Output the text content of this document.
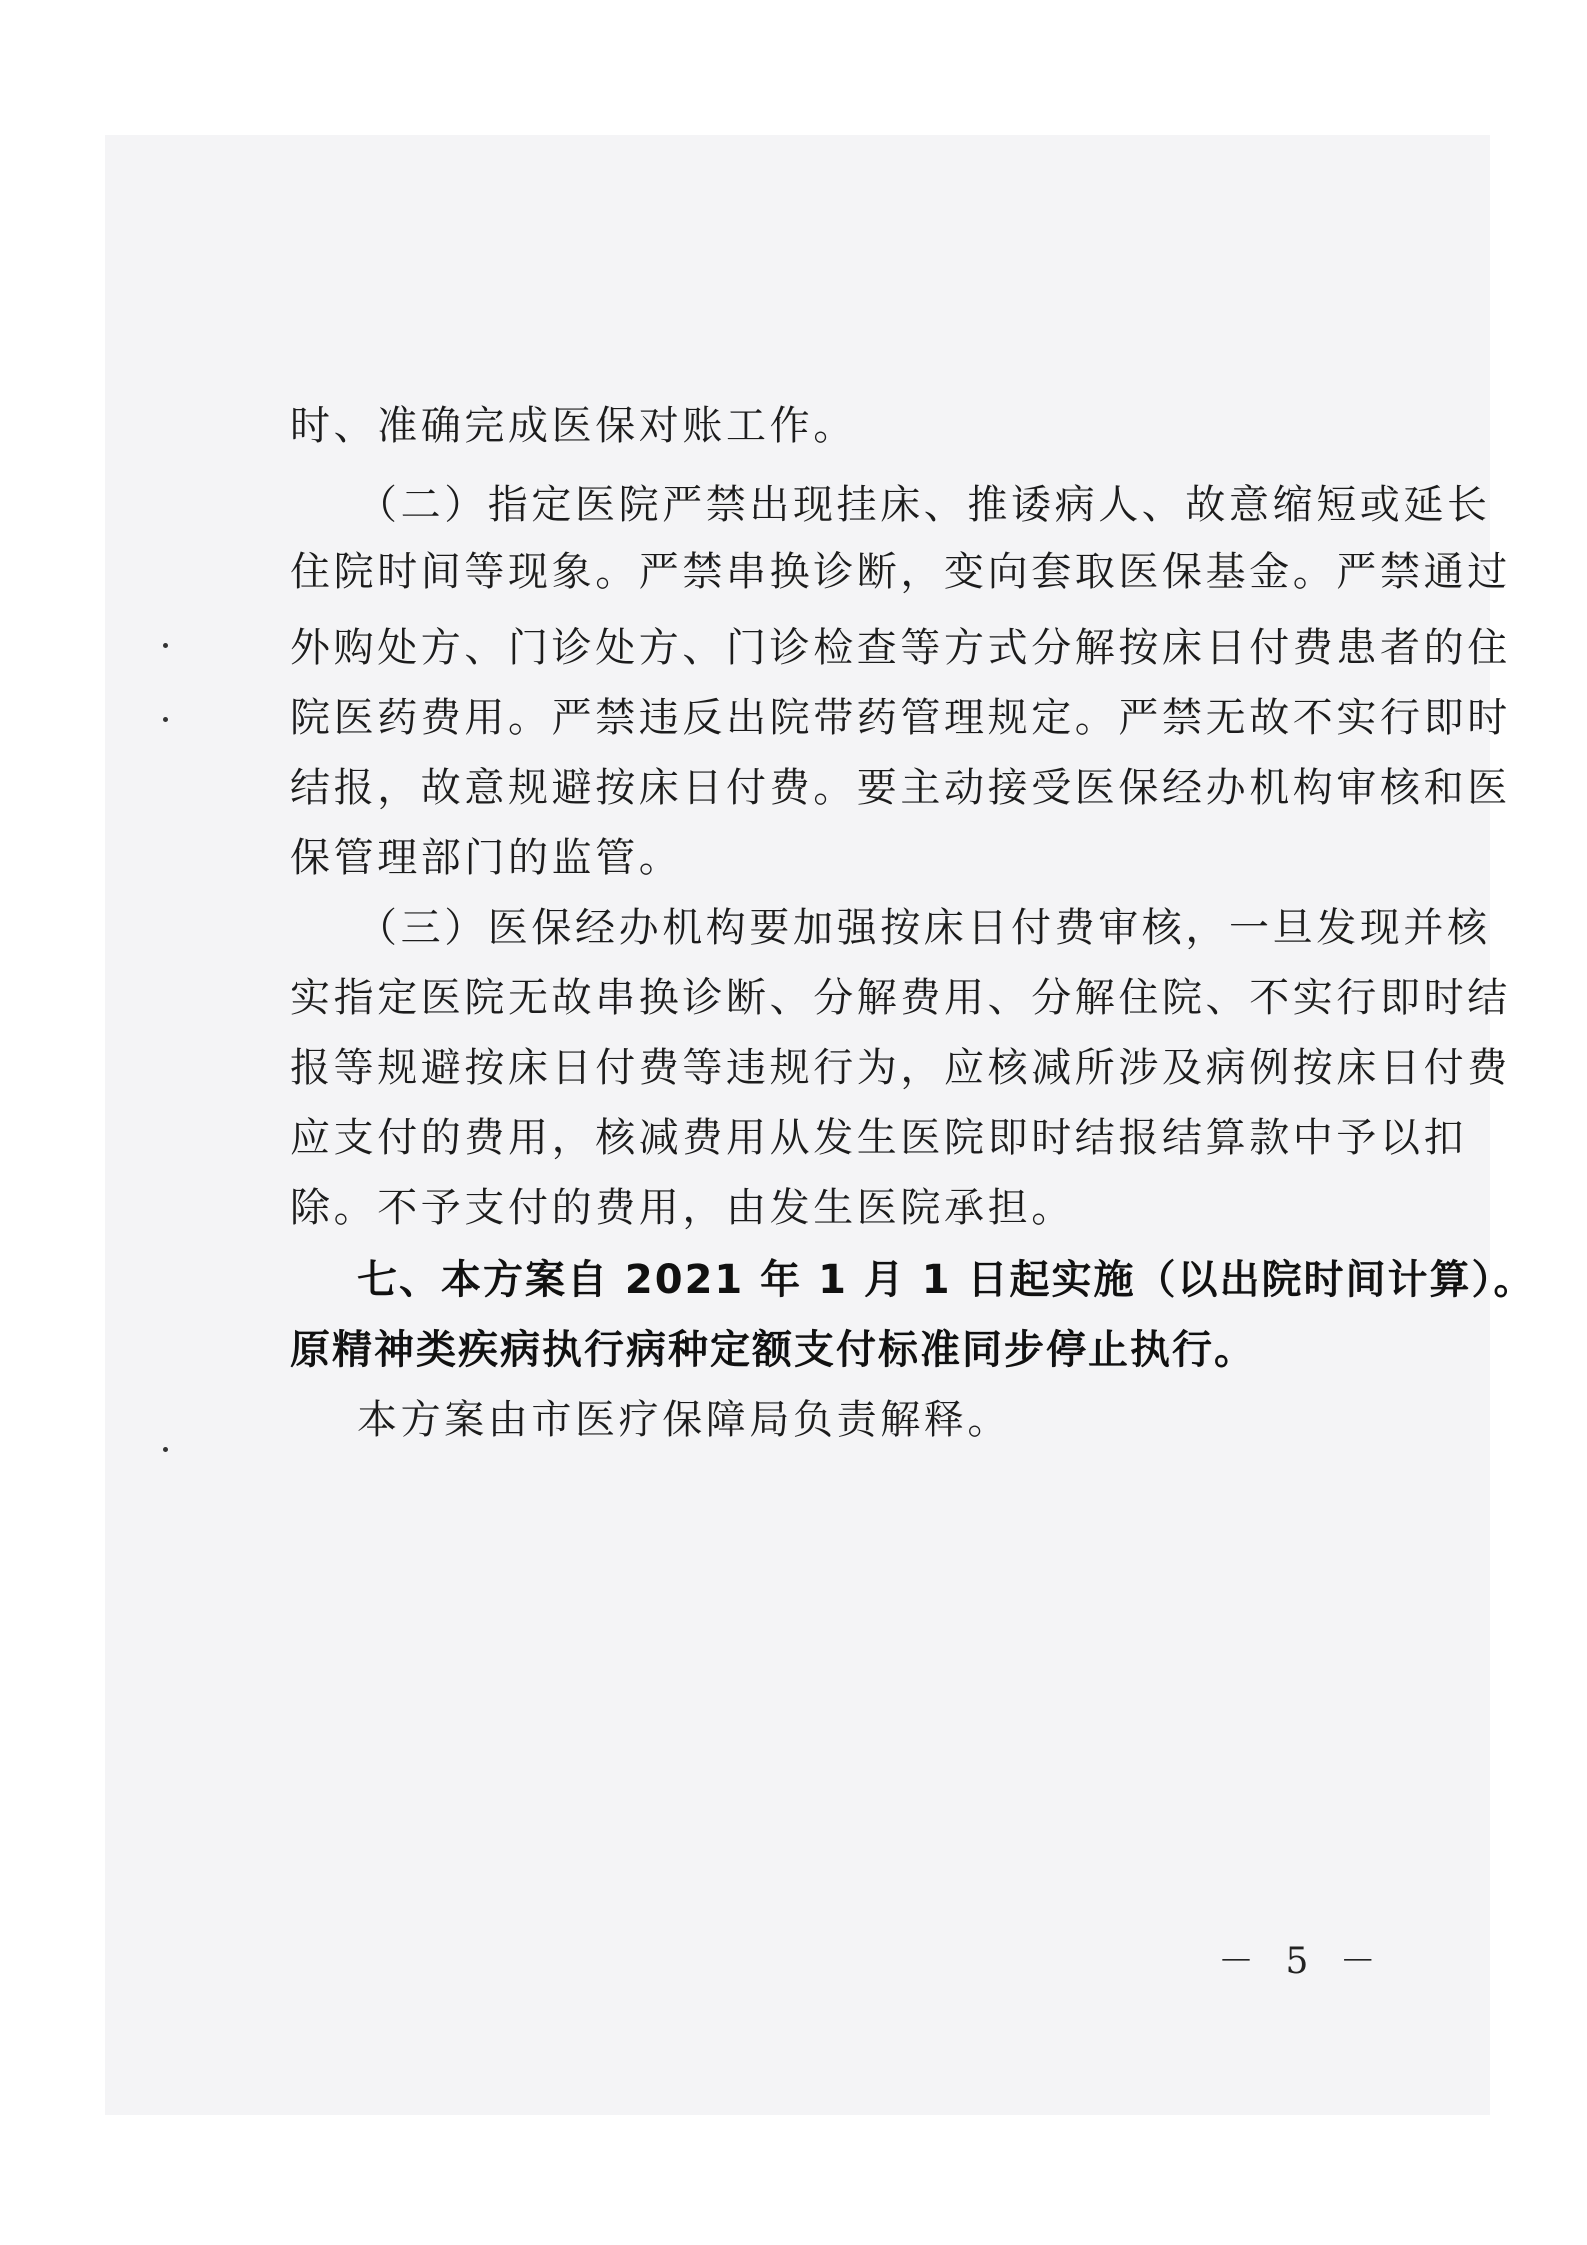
时、准确完成医保对账工作。

（二）指定医院严禁出现挂床、推诿病人、故意缩短或延长

住院时间等现象。严禁串换诊断，变向套取医保基金。严禁通过

外购处方、门诊处方、门诊检查等方式分解按床日付费患者的住

院医药费用。严禁违反出院带药管理规定。严禁无故不实行即时

结报，故意规避按床日付费。要主动接受医保经办机构审核和医

保管理部门的监管。

（三）医保经办机构要加强按床日付费审核，一旦发现并核

实指定医院无故串换诊断、分解费用、分解住院、不实行即时结

报等规避按床日付费等违规行为，应核减所涉及病例按床日付费

应支付的费用，核减费用从发生医院即时结报结算款中予以扣

除。不予支付的费用，由发生医院承担。

七、本方案自 2021 年 1 月 1 日起实施（以出院时间计算）。

原精神类疾病执行病种定额支付标准同步停止执行。

本方案由市医疗保障局负责解释。

－ 5 －
